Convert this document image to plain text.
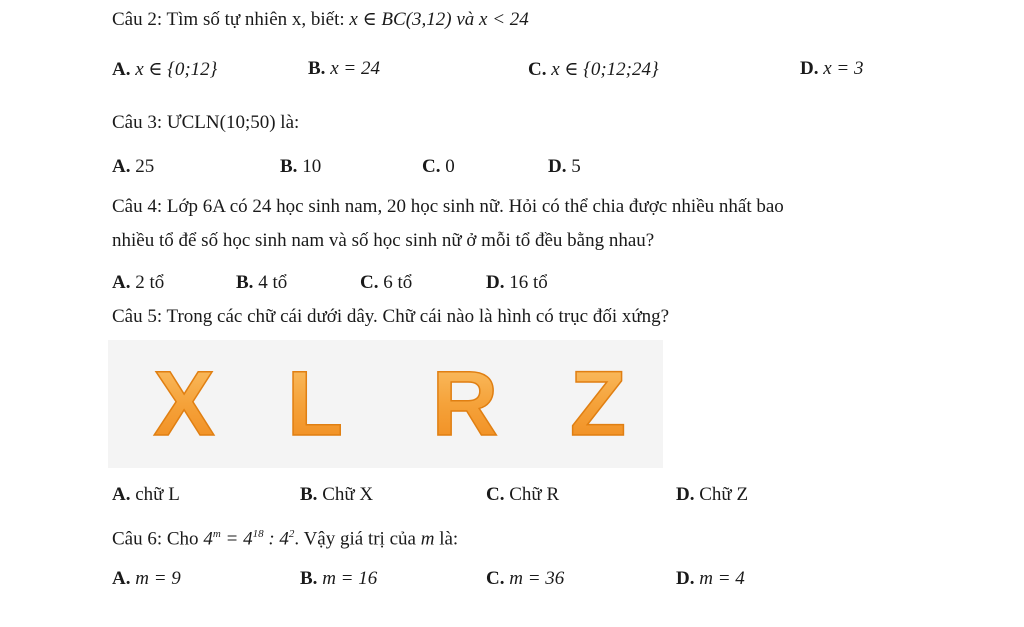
Câu 2: Tìm số tự nhiên x, biết: x ∈ BC(3,12) và x < 24
A. x ∈ {0;12}	B. x = 24	C. x ∈ {0;12;24}	D. x = 3
Câu 3: ƯCLN(10;50) là:
A. 25	B. 10	C. 0	D. 5
Câu 4: Lớp 6A có 24 học sinh nam, 20 học sinh nữ. Hỏi có thể chia được nhiều nhất bao
nhiều tổ để số học sinh nam và số học sinh nữ ở mỗi tổ đều bằng nhau?
A. 2 tổ	B. 4 tổ	C. 6 tổ	D. 16 tổ
Câu 5: Trong các chữ cái dưới dây. Chữ cái nào là hình có trục đối xứng?
X L R Z
A. chữ L	B. Chữ X	C. Chữ R	D. Chữ Z
Câu 6: Cho $4^m = 4^{18}$ : $4^2$. Vậy giá trị của m là:
A. m = 9	B. m = 16	C. m = 36	D. m = 4
